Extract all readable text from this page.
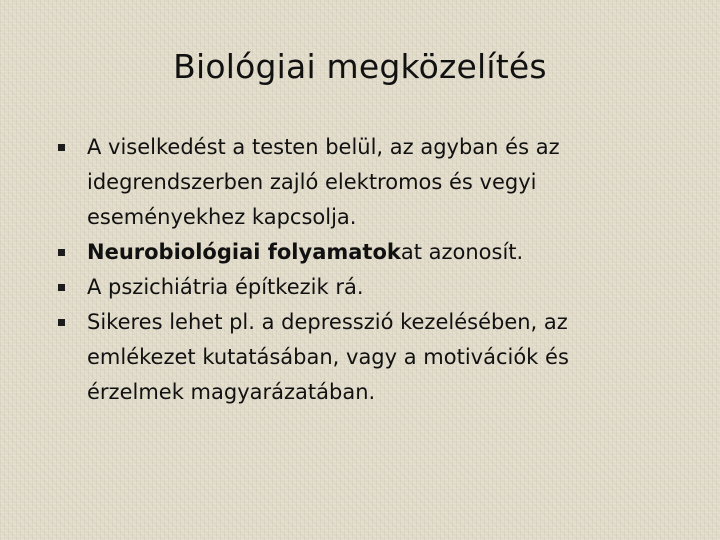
Biológiai megközelítés
A viselkedést a testen belül, az agyban és az idegrendszerben zajló elektromos és vegyi eseményekhez kapcsolja.
Neurobiológiai folyamatokat azonosít.
A pszichiátria építkezik rá.
Sikeres lehet pl. a depresszió kezelésében, az emlékezet kutatásában, vagy a motivációk és érzelmek magyarázatában.
